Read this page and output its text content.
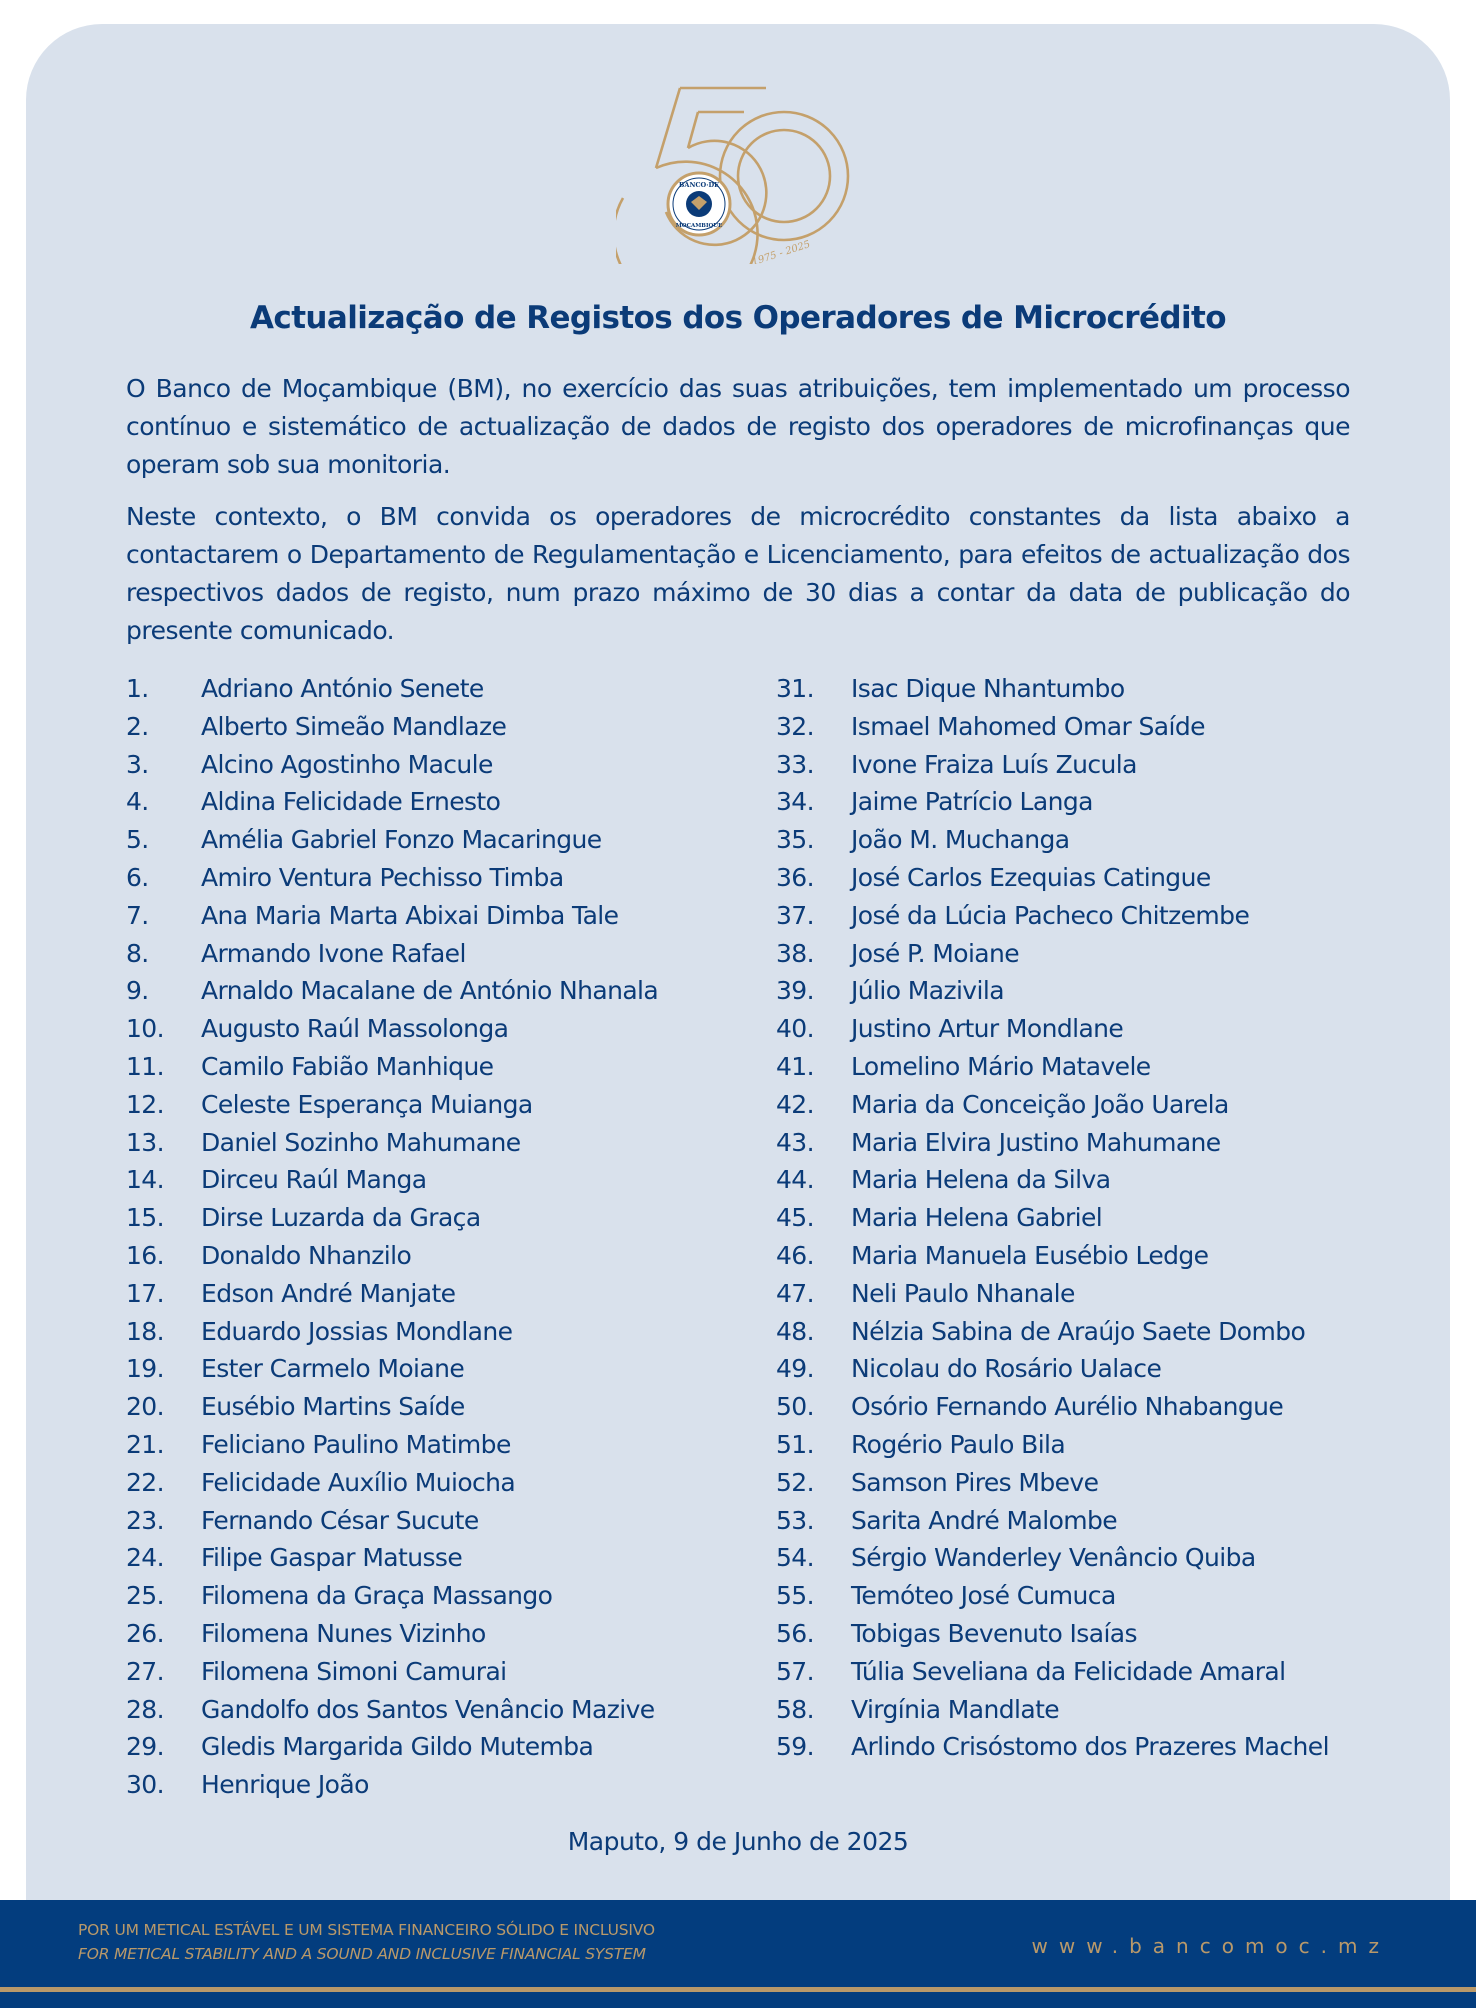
BANCO·DE
MOÇAMBIQUE
1975 - 2025
Actualização de Registos dos Operadores de Microcrédito

O Banco de Moçambique (BM), no exercício das suas atribuições, tem implementado um processo contínuo e sistemático de actualização de dados de registo dos operadores de microfinanças que operam sob sua monitoria.

Neste contexto, o BM convida os operadores de microcrédito constantes da lista abaixo a contactarem o Departamento de Regulamentação e Licenciamento, para efeitos de actualização dos respectivos dados de registo, num prazo máximo de 30 dias a contar da data de publicação do presente comunicado.

1.	Adriano António Senete
2.	Alberto Simeão Mandlaze
3.	Alcino Agostinho Macule
4.	Aldina Felicidade Ernesto
5.	Amélia Gabriel Fonzo Macaringue
6.	Amiro Ventura Pechisso Timba
7.	Ana Maria Marta Abixai Dimba Tale
8.	Armando Ivone Rafael
9.	Arnaldo Macalane de António Nhanala
10.	Augusto Raúl Massolonga
11.	Camilo Fabião Manhique
12.	Celeste Esperança Muianga
13.	Daniel Sozinho Mahumane
14.	Dirceu Raúl Manga
15.	Dirse Luzarda da Graça
16.	Donaldo Nhanzilo
17.	Edson André Manjate
18.	Eduardo Jossias Mondlane
19.	Ester Carmelo Moiane
20.	Eusébio Martins Saíde
21.	Feliciano Paulino Matimbe
22.	Felicidade Auxílio Muiocha
23.	Fernando César Sucute
24.	Filipe Gaspar Matusse
25.	Filomena da Graça Massango
26.	Filomena Nunes Vizinho
27.	Filomena Simoni Camurai
28.	Gandolfo dos Santos Venâncio Mazive
29.	Gledis Margarida Gildo Mutemba
30.	Henrique João
31.	Isac Dique Nhantumbo
32.	Ismael Mahomed Omar Saíde
33.	Ivone Fraiza Luís Zucula
34.	Jaime Patrício Langa
35.	João M. Muchanga
36.	José Carlos Ezequias Catingue
37.	José da Lúcia Pacheco Chitzembe
38.	José P. Moiane
39.	Júlio Mazivila
40.	Justino Artur Mondlane
41.	Lomelino Mário Matavele
42.	Maria da Conceição João Uarela
43.	Maria Elvira Justino Mahumane
44.	Maria Helena da Silva
45.	Maria Helena Gabriel
46.	Maria Manuela Eusébio Ledge
47.	Neli Paulo Nhanale
48.	Nélzia Sabina de Araújo Saete Dombo
49.	Nicolau do Rosário Ualace
50.	Osório Fernando Aurélio Nhabangue
51.	Rogério Paulo Bila
52.	Samson Pires Mbeve
53.	Sarita André Malombe
54.	Sérgio Wanderley Venâncio Quiba
55.	Temóteo José Cumuca
56.	Tobigas Bevenuto Isaías
57.	Túlia Seveliana da Felicidade Amaral
58.	Virgínia Mandlate
59.	Arlindo Crisóstomo dos Prazeres Machel

Maputo, 9 de Junho de 2025

POR UM METICAL ESTÁVEL E UM SISTEMA FINANCEIRO SÓLIDO E INCLUSIVO
FOR METICAL STABILITY AND A SOUND AND INCLUSIVE FINANCIAL SYSTEM	www.bancomoc.mz
